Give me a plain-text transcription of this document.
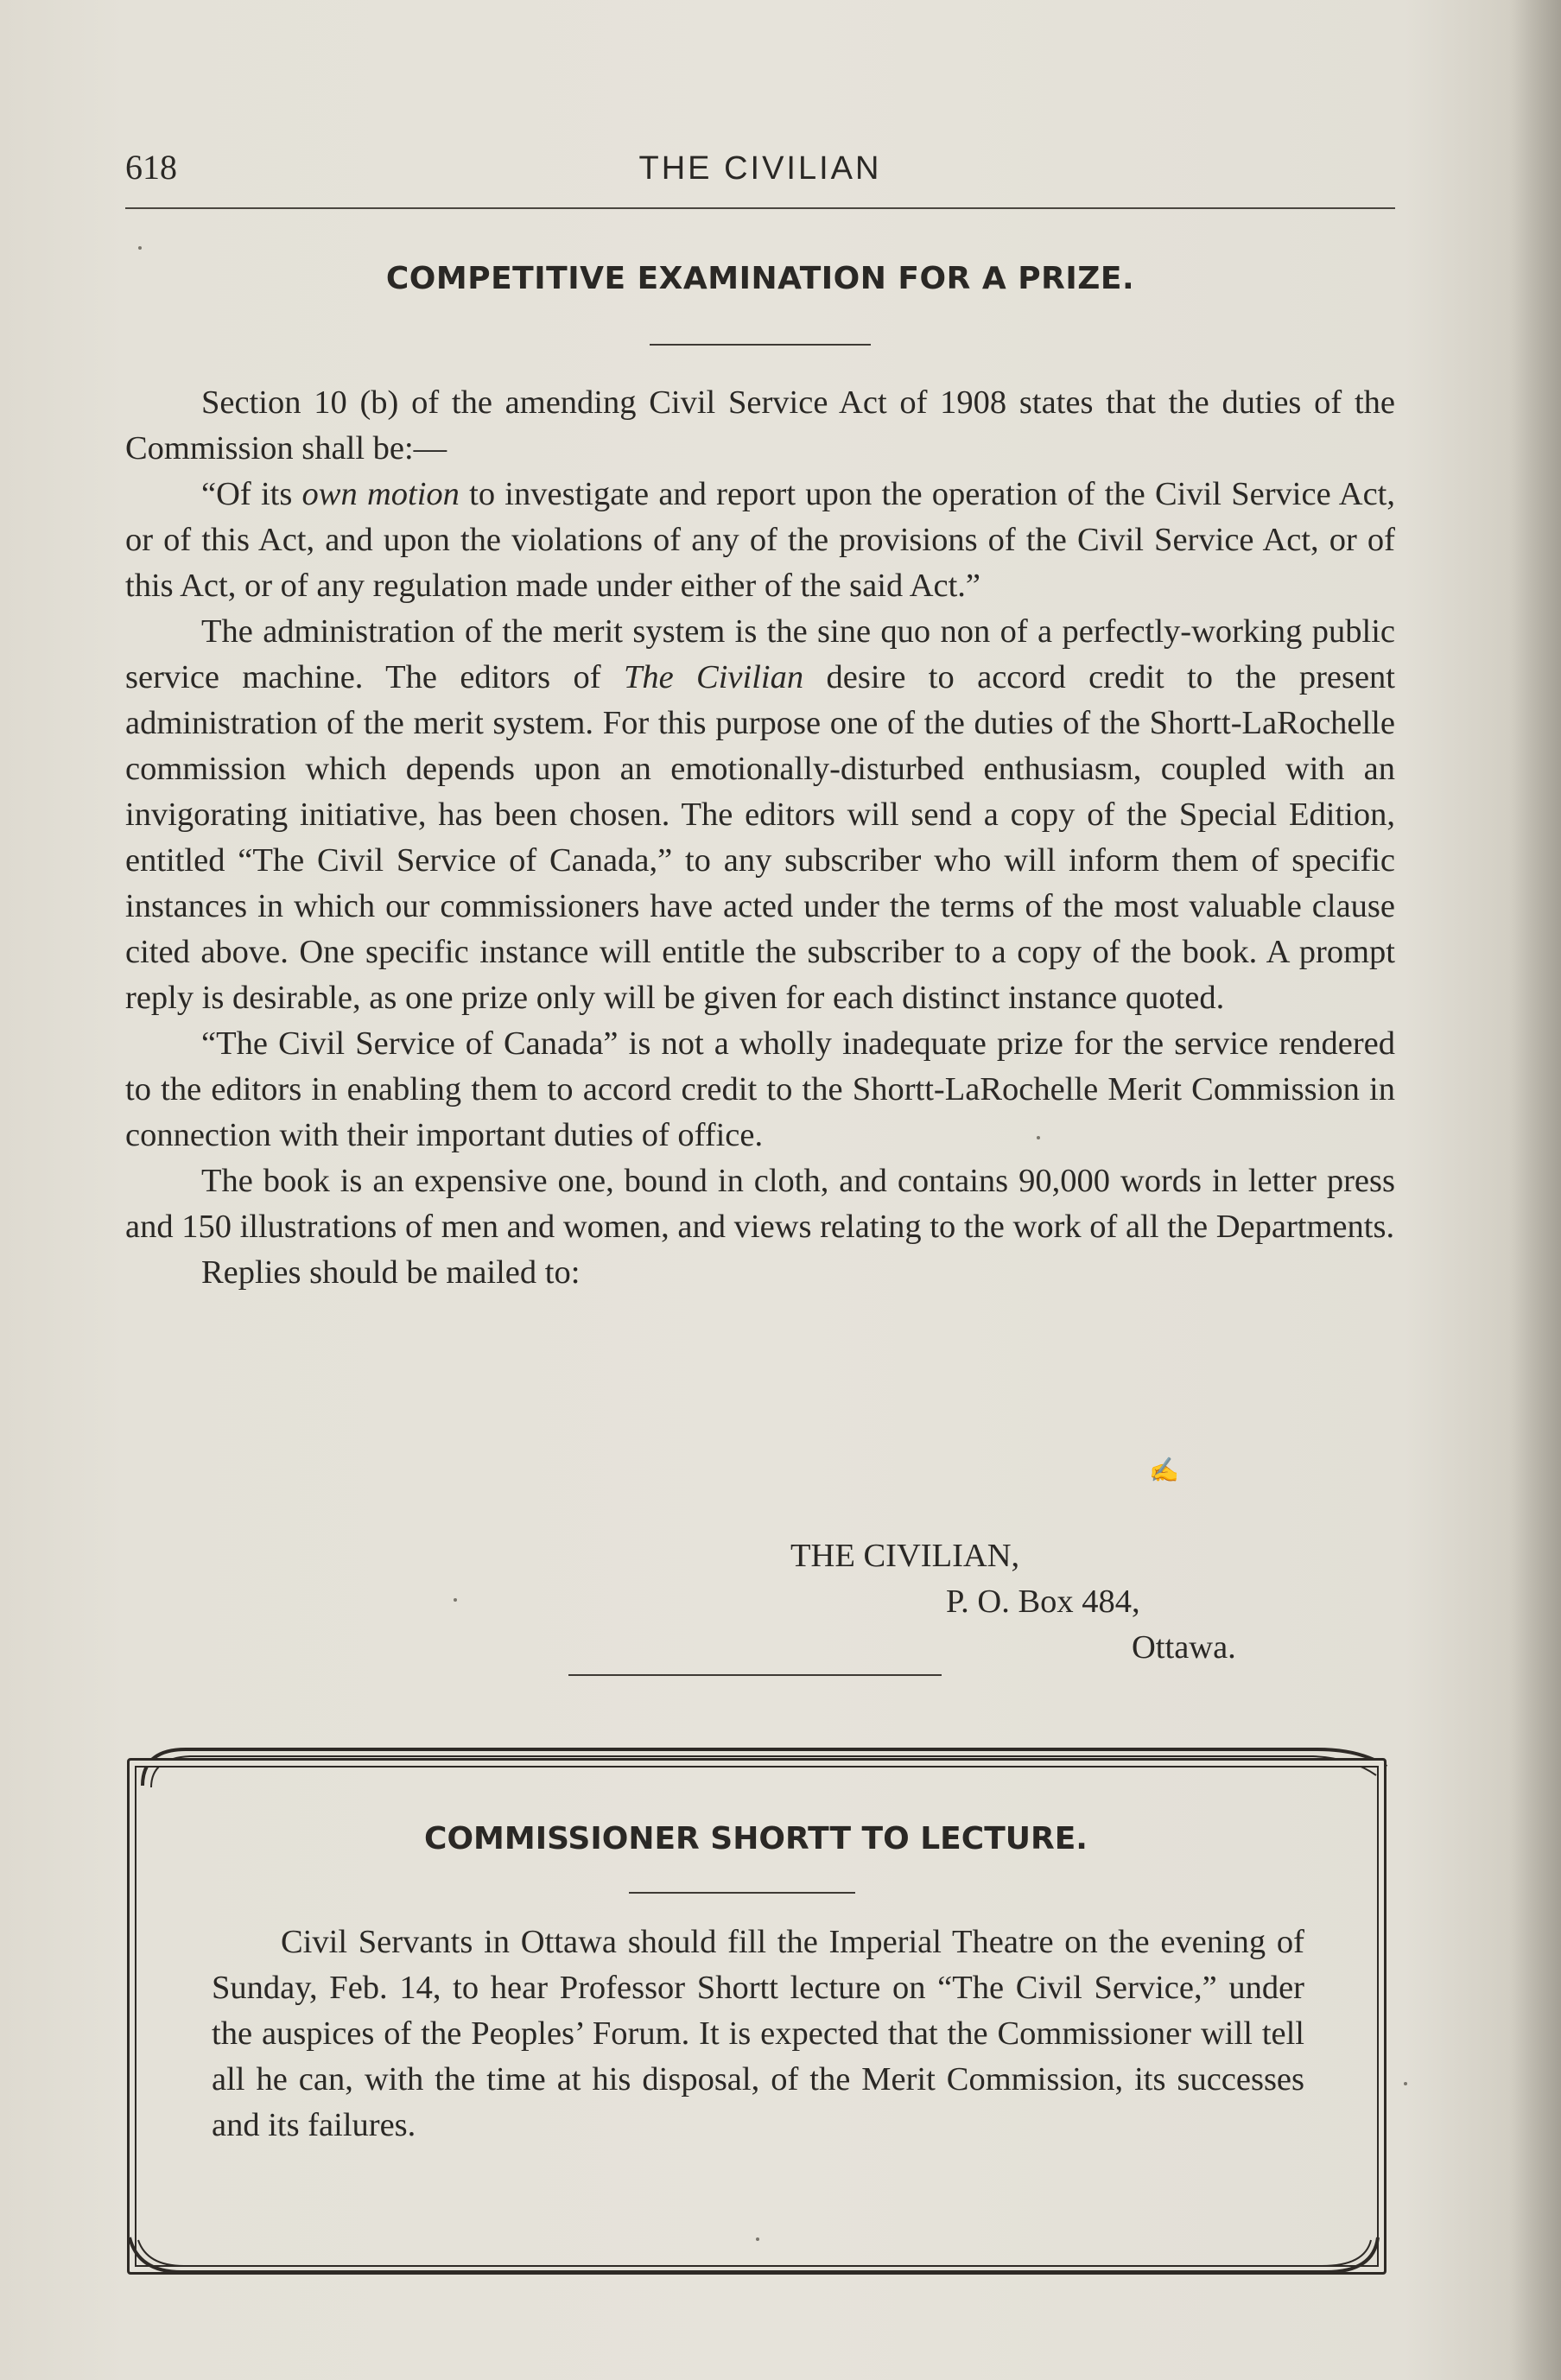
618	THE CIVILIAN
COMPETITIVE EXAMINATION FOR A PRIZE.

Section 10 (b) of the amending Civil Service Act of 1908 states that the duties of the Commission shall be:—

“Of its own motion to investigate and report upon the operation of the Civil Service Act, or of this Act, and upon the violations of any of the provisions of the Civil Service Act, or of this Act, or of any regulation made under either of the said Act.”

The administration of the merit system is the sine quo non of a perfectly-working public service machine. The editors of The Civilian desire to accord credit to the present administration of the merit system. For this purpose one of the duties of the Shortt-LaRochelle commission which depends upon an emotionally-disturbed enthusiasm, coupled with an invigorating initiative, has been chosen. The editors will send a copy of the Special Edition, entitled “The Civil Service of Canada,” to any subscriber who will inform them of specific instances in which our commissioners have acted under the terms of the most valuable clause cited above. One specific instance will entitle the subscriber to a copy of the book. A prompt reply is desirable, as one prize only will be given for each distinct instance quoted.

“The Civil Service of Canada” is not a wholly inadequate prize for the service rendered to the editors in enabling them to accord credit to the Shortt-LaRochelle Merit Commission in connection with their important duties of office.

The book is an expensive one, bound in cloth, and contains 90,000 words in letter press and 150 illustrations of men and women, and views relating to the work of all the Departments.

Replies should be mailed to:

✍
THE CIVILIAN,
P. O. Box 484,
Ottawa.
COMMISSIONER SHORTT TO LECTURE.

Civil Servants in Ottawa should fill the Imperial Theatre on the evening of Sunday, Feb. 14, to hear Professor Shortt lecture on “The Civil Service,” under the auspices of the Peoples’ Forum. It is expected that the Commissioner will tell all he can, with the time at his disposal, of the Merit Commission, its successes and its failures.
